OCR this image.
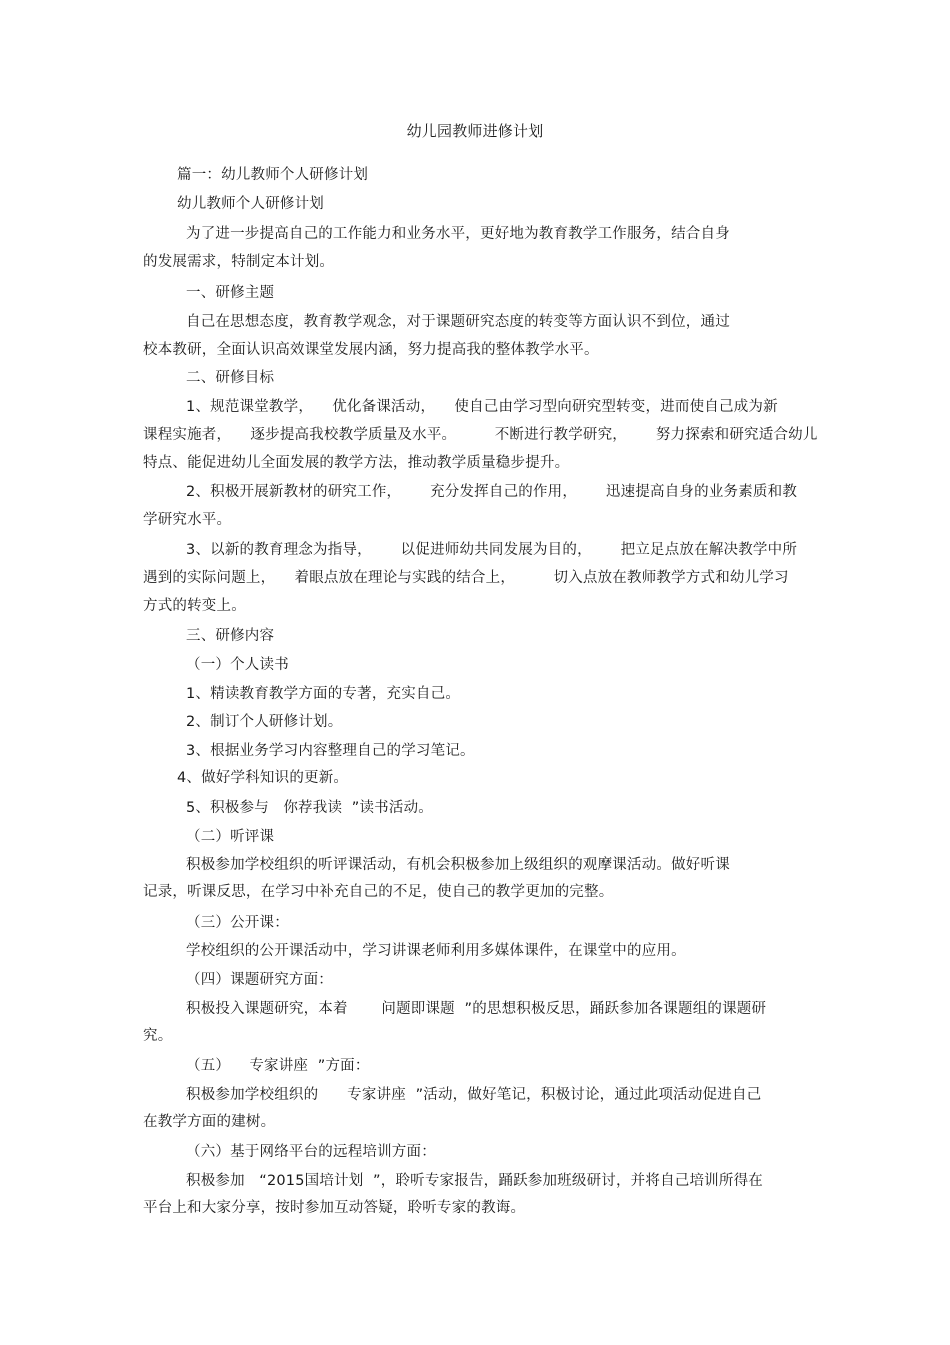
幼儿园教师进修计划
篇一：幼儿教师个人研修计划
幼儿教师个人研修计划
为了进一步提高自己的工作能力和业务水平，更好地为教育教学工作服务，结合自身
的发展需求，特制定本计划。
一、研修主题
自己在思想态度，教育教学观念，对于课题研究态度的转变等方面认识不到位，通过
校本教研，全面认识高效课堂发展内涵，努力提高我的整体教学水平。
二、研修目标
1、规范课堂教学，    优化备课活动，    使自己由学习型向研究型转变，进而使自己成为新
课程实施者，    逐步提高我校教学质量及水平。        不断进行教学研究，      努力探索和研究适合幼儿
特点、能促进幼儿全面发展的教学方法，推动教学质量稳步提升。
2、积极开展新教材的研究工作，      充分发挥自己的作用，      迅速提高自身的业务素质和教
学研究水平。
3、以新的教育理念为指导，      以促进师幼共同发展为目的，      把立足点放在解决教学中所
遇到的实际问题上，    着眼点放在理论与实践的结合上，        切入点放在教师教学方式和幼儿学习
方式的转变上。
三、研修内容
（一）个人读书
1、精读教育教学方面的专著，充实自己。
2、制订个人研修计划。
3、根据业务学习内容整理自己的学习笔记。
4、做好学科知识的更新。
5、积极参与   你荐我读  ”读书活动。
（二）听评课
积极参加学校组织的听评课活动，有机会积极参加上级组织的观摩课活动。做好听课
记录，听课反思，在学习中补充自己的不足，使自己的教学更加的完整。
（三）公开课：
学校组织的公开课活动中，学习讲课老师利用多媒体课件，在课堂中的应用。
（四）课题研究方面：
积极投入课题研究，本着       问题即课题  ”的思想积极反思，踊跃参加各课题组的课题研
究。
（五）    专家讲座  ”方面：
积极参加学校组织的      专家讲座  ”活动，做好笔记，积极讨论，通过此项活动促进自己
在教学方面的建树。
（六）基于网络平台的远程培训方面：
积极参加   “2015国培计划  ”，聆听专家报告，踊跃参加班级研讨，并将自己培训所得在
平台上和大家分享，按时参加互动答疑，聆听专家的教诲。
